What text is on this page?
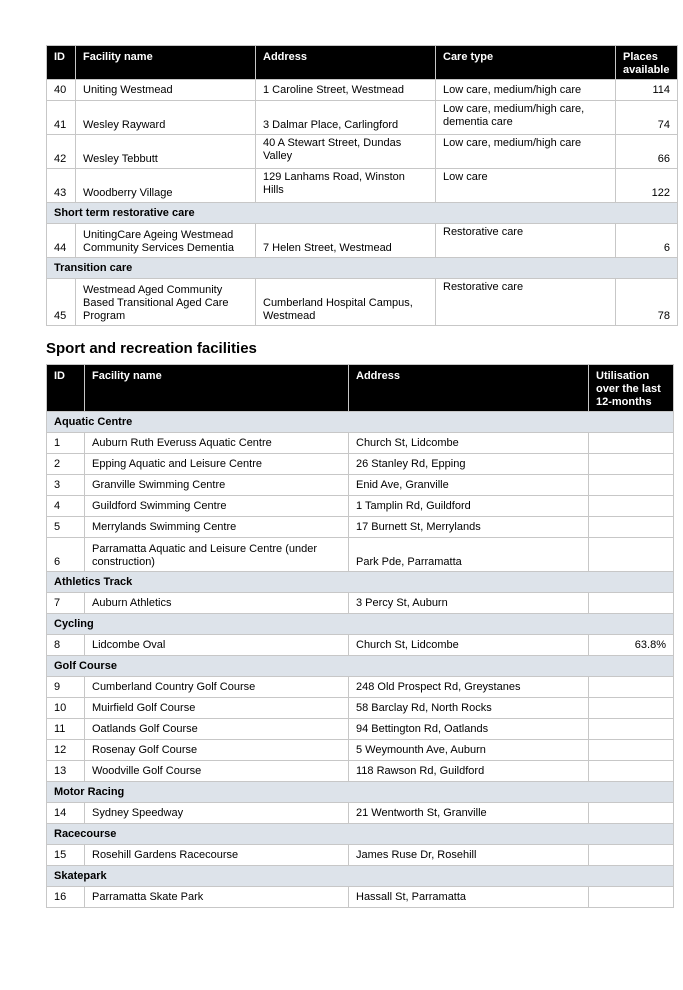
ID	Facility name	Address	Care type	Places available
40	Uniting Westmead	1 Caroline Street, Westmead	Low care, medium/high care	114
41	Wesley Rayward	3 Dalmar Place, Carlingford	Low care, medium/high care, dementia care	74
42	Wesley Tebbutt	40 A Stewart Street, Dundas Valley	Low care, medium/high care	66
43	Woodberry Village	129 Lanhams Road, Winston Hills	Low care	122
Short term restorative care				
44	UnitingCare Ageing Westmead Community Services Dementia	7 Helen Street, Westmead	Restorative care	6
Transition care				
45	Westmead Aged Community Based Transitional Aged Care Program	Cumberland Hospital Campus, Westmead	Restorative care	78
Sport and recreation facilities
ID	Facility name	Address	Utilisation over the last 12-months
Aquatic Centre			
1	Auburn Ruth Everuss Aquatic Centre	Church St, Lidcombe	
2	Epping Aquatic and Leisure Centre	26 Stanley Rd, Epping	
3	Granville Swimming Centre	Enid Ave, Granville	
4	Guildford Swimming Centre	1 Tamplin Rd, Guildford	
5	Merrylands Swimming Centre	17 Burnett St, Merrylands	
6	Parramatta Aquatic and Leisure Centre (under construction)	Park Pde, Parramatta	
Athletics Track			
7	Auburn Athletics	3 Percy St, Auburn	
Cycling			
8	Lidcombe Oval	Church St, Lidcombe	63.8%
Golf Course			
9	Cumberland Country Golf Course	248 Old Prospect Rd, Greystanes	
10	Muirfield Golf Course	58 Barclay Rd, North Rocks	
11	Oatlands Golf Course	94 Bettington Rd, Oatlands	
12	Rosenay Golf Course	5 Weymounth Ave, Auburn	
13	Woodville Golf Course	118 Rawson Rd, Guildford	
Motor Racing			
14	Sydney Speedway	21 Wentworth St, Granville	
Racecourse			
15	Rosehill Gardens Racecourse	James Ruse Dr, Rosehill	
Skatepark			
16	Parramatta Skate Park	Hassall St, Parramatta	
